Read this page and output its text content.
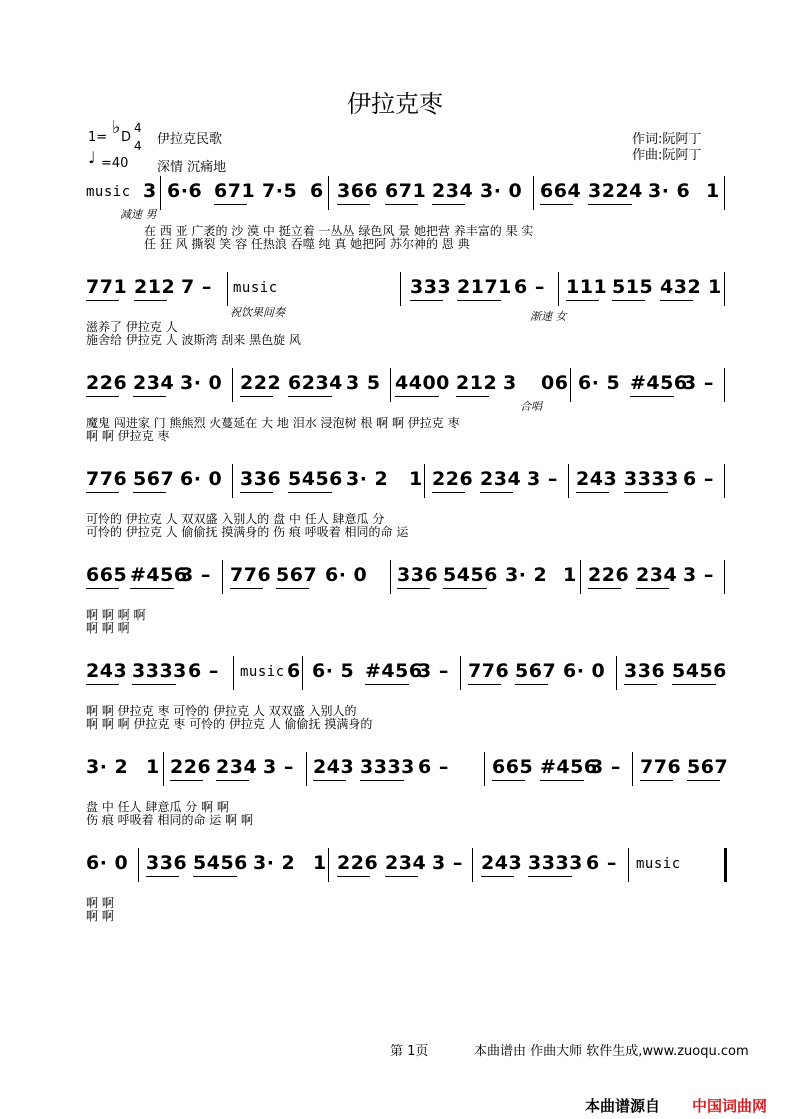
伊拉克枣
1= ♭ D
4
4 伊拉克民歌
♩ =40 深情 沉痛地
作词:阮阿丁
作曲:阮阿丁
music 3 6·6 671 7·5 6 366 671 234 3· 0 664 3224 3· 6 1
在 西 亚 广袤的 沙 漠 中 挺立着 一丛丛 绿色风 景 她把营 养丰富的 果 实
任 狂 风 撕裂 笑 容 任热浪 吞噬 纯 真 她把阿 苏尔神的 恩 典
减速 男
771 212 7 – music	333 2171 6 – 111 515 432 1
滋养了 伊拉克 人
施舍给 伊拉克 人 波斯湾 刮来 黑色旋 风
祝饮果间奏	渐速 女
226 234 3· 0 222 6234 3 5 4400 212 3 06 6· 5 #456
3 –
魔鬼 闯进家 门 熊熊烈 火蔓延在 大 地 泪水 浸泡树 根 啊 啊 伊拉克 枣
啊 啊 伊拉克 枣
合唱
776 567 6· 0 336 5456 3· 2 1 226 234 3 – 243 3333 6 –
可怜的 伊拉克 人 双双盛 入别人的 盘 中 任人 肆意瓜 分
可怜的 伊拉克 人 偷偷抚 摸满身的 伤 痕 呼吸着 相同的命 运
665 #456
3 – 776 567 6· 0 336 5456 3· 2 1 226 234 3 –
啊 啊 啊 啊
啊 啊 啊
243 3333 6 – music 6 6· 5 #456
3 – 776 567 6· 0 336 5456
啊 啊 伊拉克 枣 可怜的 伊拉克 人 双双盛 入别人的
啊 啊 啊 伊拉克 枣 可怜的 伊拉克 人 偷偷抚 摸满身的
3· 2 1 226 234 3 – 243 3333 6 – 665 #456
3 – 776 567
盘 中 任人 肆意瓜 分 啊 啊
伤 痕 呼吸着 相同的命 运 啊 啊
6· 0 336 5456 3· 2 1 226 234 3 – 243 3333 6 – music
啊 啊
啊 啊
第 1页	本曲谱由 作曲大师 软件生成,www.zuoqu.com
本曲谱源自 中国词曲网
